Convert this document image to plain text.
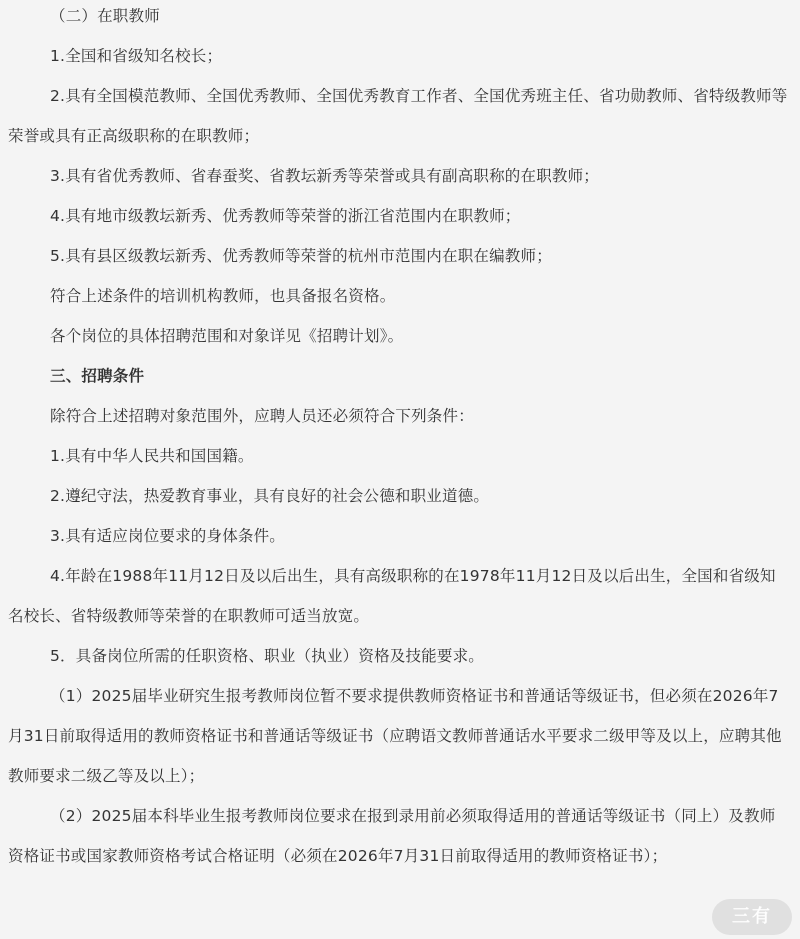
（二）在职教师

1.全国和省级知名校长；

2.具有全国模范教师、全国优秀教师、全国优秀教育工作者、全国优秀班主任、省功勋教师、省特级教师等荣誉或具有正高级职称的在职教师；

3.具有省优秀教师、省春蚕奖、省教坛新秀等荣誉或具有副高职称的在职教师；

4.具有地市级教坛新秀、优秀教师等荣誉的浙江省范围内在职教师；

5.具有县区级教坛新秀、优秀教师等荣誉的杭州市范围内在职在编教师；

符合上述条件的培训机构教师，也具备报名资格。

各个岗位的具体招聘范围和对象详见《招聘计划》。

三、招聘条件

除符合上述招聘对象范围外，应聘人员还必须符合下列条件：

1.具有中华人民共和国国籍。

2.遵纪守法，热爱教育事业，具有良好的社会公德和职业道德。

3.具有适应岗位要求的身体条件。

4.年龄在1988年11月12日及以后出生，具有高级职称的在1978年11月12日及以后出生，全国和省级知名校长、省特级教师等荣誉的在职教师可适当放宽。

5．具备岗位所需的任职资格、职业（执业）资格及技能要求。

（1）2025届毕业研究生报考教师岗位暂不要求提供教师资格证书和普通话等级证书，但必须在2026年7月31日前取得适用的教师资格证书和普通话等级证书（应聘语文教师普通话水平要求二级甲等及以上，应聘其他教师要求二级乙等及以上）；

（2）2025届本科毕业生报考教师岗位要求在报到录用前必须取得适用的普通话等级证书（同上）及教师资格证书或国家教师资格考试合格证明（必须在2026年7月31日前取得适用的教师资格证书）；

三有
